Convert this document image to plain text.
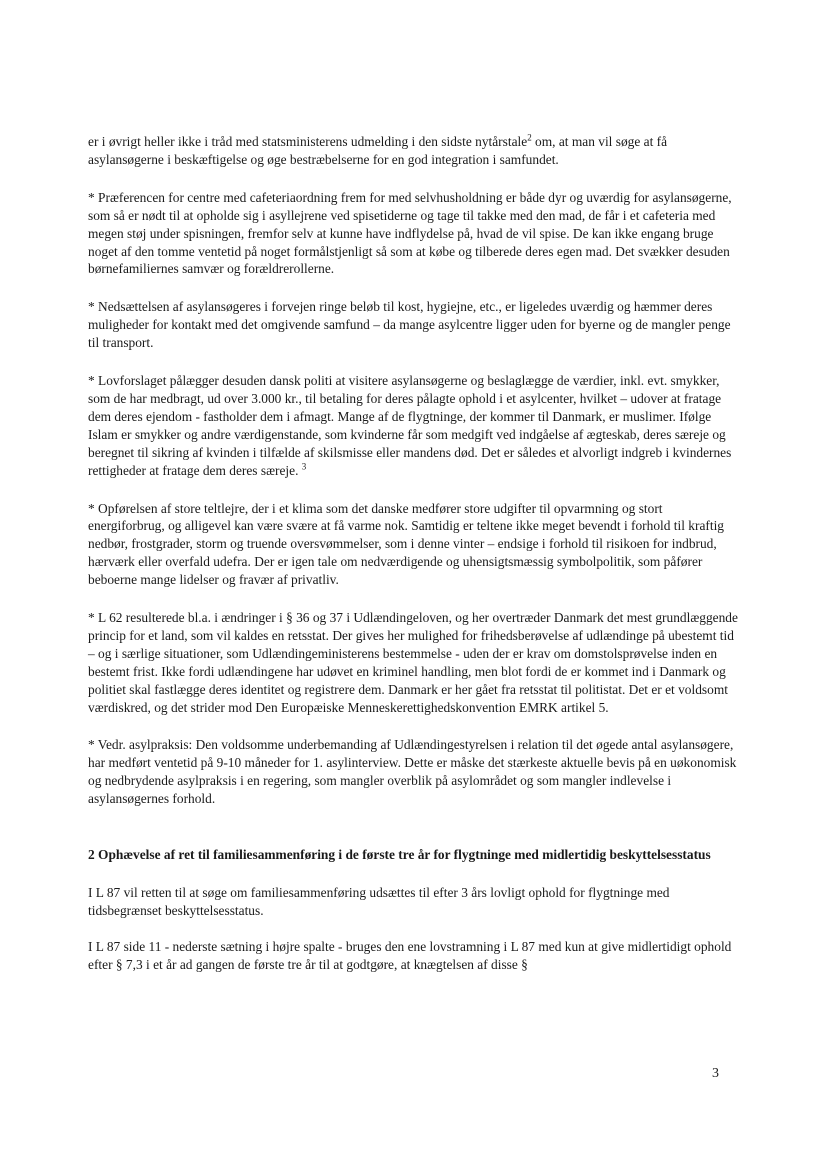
er i øvrigt heller ikke i tråd med statsministerens udmelding i den sidste nytårstale$^2$ om, at man vil søge at få asylansøgerne i beskæftigelse og øge bestræbelserne for en god integration i samfundet.

* Præferencen for centre med cafeteriaordning frem for med selvhusholdning er både dyr og uværdig for asylansøgerne, som så er nødt til at opholde sig i asyllejrene ved spisetiderne og tage til takke med den mad, de får i et cafeteria med megen støj under spisningen, fremfor selv at kunne have indflydelse på, hvad de vil spise. De kan ikke engang bruge noget af den tomme ventetid på noget formålstjenligt så som at købe og tilberede deres egen mad. Det svækker desuden børnefamiliernes samvær og forældrerollerne.

* Nedsættelsen af asylansøgeres i forvejen ringe beløb til kost, hygiejne, etc., er ligeledes uværdig og hæmmer deres muligheder for kontakt med det omgivende samfund – da mange asylcentre ligger uden for byerne og de mangler penge til transport.

* Lovforslaget pålægger desuden dansk politi at visitere asylansøgerne og beslaglægge de værdier, inkl. evt. smykker, som de har medbragt, ud over 3.000 kr., til betaling for deres pålagte ophold i et asylcenter, hvilket – udover at fratage dem deres ejendom - fastholder dem i afmagt. Mange af de flygtninge, der kommer til Danmark, er muslimer. Ifølge Islam er smykker og andre værdigenstande, som kvinderne får som medgift ved indgåelse af ægteskab, deres særeje og beregnet til sikring af kvinden i tilfælde af skilsmisse eller mandens død. Det er således et alvorligt indgreb i kvindernes rettigheder at fratage dem deres særeje. $^3$

* Opførelsen af store teltlejre, der i et klima som det danske medfører store udgifter til opvarmning og stort energiforbrug, og alligevel kan være svære at få varme nok. Samtidig er teltene ikke meget bevendt i forhold til kraftig nedbør, frostgrader, storm og truende oversvømmelser, som i denne vinter – endsige i forhold til risikoen for indbrud, hærværk eller overfald udefra. Der er igen tale om nedværdigende og uhensigtsmæssig symbolpolitik, som påfører beboerne mange lidelser og fravær af privatliv.

* L 62 resulterede bl.a. i ændringer i § 36 og 37 i Udlændingeloven, og her overtræder Danmark det mest grundlæggende princip for et land, som vil kaldes en retsstat. Der gives her mulighed for frihedsberøvelse af udlændinge på ubestemt tid – og i særlige situationer, som Udlændingeministerens bestemmelse - uden der er krav om domstolsprøvelse inden en bestemt frist. Ikke fordi udlændingene har udøvet en kriminel handling, men blot fordi de er kommet ind i Danmark og politiet skal fastlægge deres identitet og registrere dem. Danmark er her gået fra retsstat til politistat. Det er et voldsomt værdiskred, og det strider mod Den Europæiske Menneskerettighedskonvention EMRK artikel 5.

* Vedr. asylpraksis: Den voldsomme underbemanding af Udlændingestyrelsen i relation til det øgede antal asylansøgere, har medført ventetid på 9-10 måneder for 1. asylinterview. Dette er måske det stærkeste aktuelle bevis på en uøkonomisk og nedbrydende asylpraksis i en regering, som mangler overblik på asylområdet og som mangler indlevelse i asylansøgernes forhold.

2 Ophævelse af ret til familiesammenføring i de første tre år for flygtninge med midlertidig beskyttelsesstatus

I L 87 vil retten til at søge om familiesammenføring udsættes til efter 3 års lovligt ophold for flygtninge med tidsbegrænset beskyttelsesstatus.

I L 87 side 11 - nederste sætning i højre spalte - bruges den ene lovstramning i L 87 med kun at give midlertidigt ophold efter § 7,3 i et år ad gangen de første tre år til at godtgøre, at knægtelsen af disse §

3
